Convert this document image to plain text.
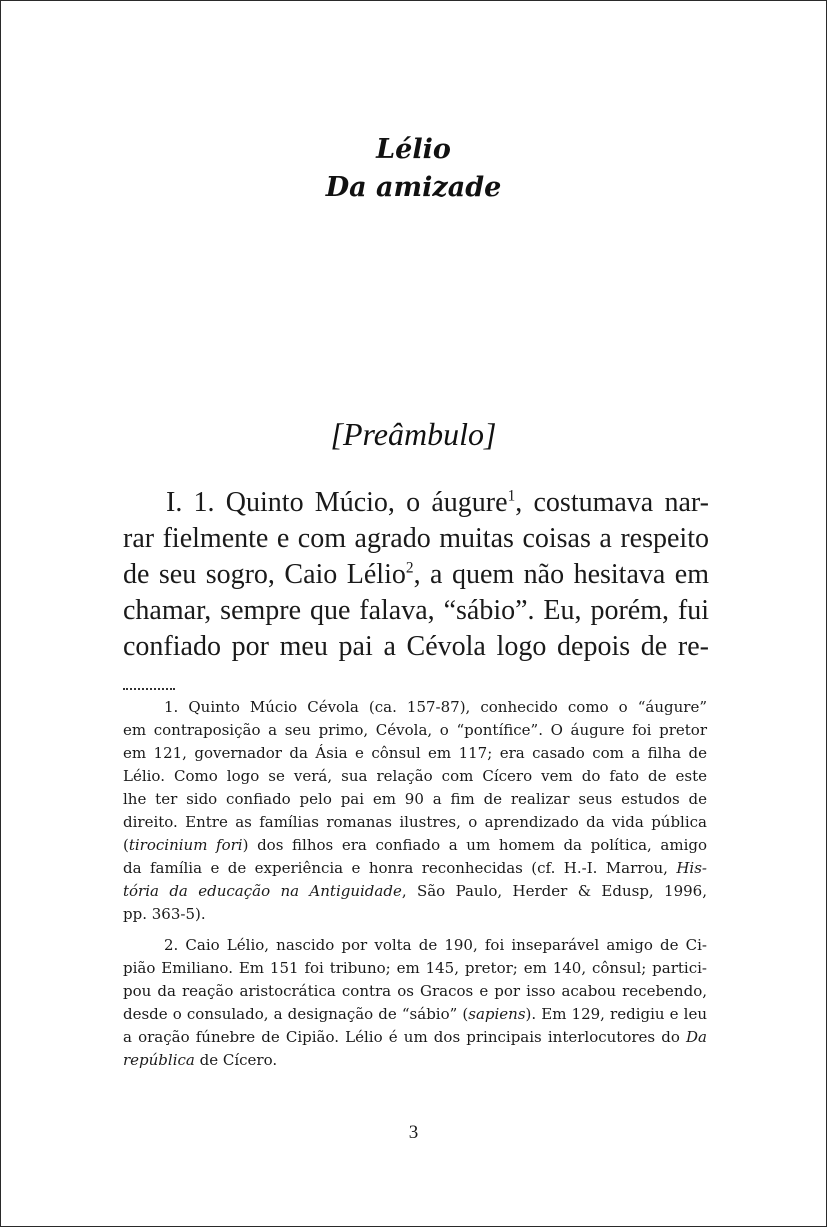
Lélio
Da amizade
[Preâmbulo]
I. 1. Quinto Múcio, o áugure$^1$, costumava nar-
rar fielmente e com agrado muitas coisas a respeito
de seu sogro, Caio Lélio$^2$, a quem não hesitava em
chamar, sempre que falava, “sábio”. Eu, porém, fui
confiado por meu pai a Cévola logo depois de re-
1. Quinto Múcio Cévola (ca. 157-87), conhecido como o “áugure”
em contraposição a seu primo, Cévola, o “pontífice”. O áugure foi pretor
em 121, governador da Ásia e cônsul em 117; era casado com a filha de
Lélio. Como logo se verá, sua relação com Cícero vem do fato de este
lhe ter sido confiado pelo pai em 90 a fim de realizar seus estudos de
direito. Entre as famílias romanas ilustres, o aprendizado da vida pública
(tirocinium fori) dos filhos era confiado a um homem da política, amigo
da família e de experiência e honra reconhecidas (cf. H.-I. Marrou, His-
tória da educação na Antiguidade, São Paulo, Herder & Edusp, 1996,
pp. 363-5).
2. Caio Lélio, nascido por volta de 190, foi inseparável amigo de Ci-
pião Emiliano. Em 151 foi tribuno; em 145, pretor; em 140, cônsul; partici-
pou da reação aristocrática contra os Gracos e por isso acabou recebendo,
desde o consulado, a designação de “sábio” (sapiens). Em 129, redigiu e leu
a oração fúnebre de Cipião. Lélio é um dos principais interlocutores do Da
república de Cícero.
3
